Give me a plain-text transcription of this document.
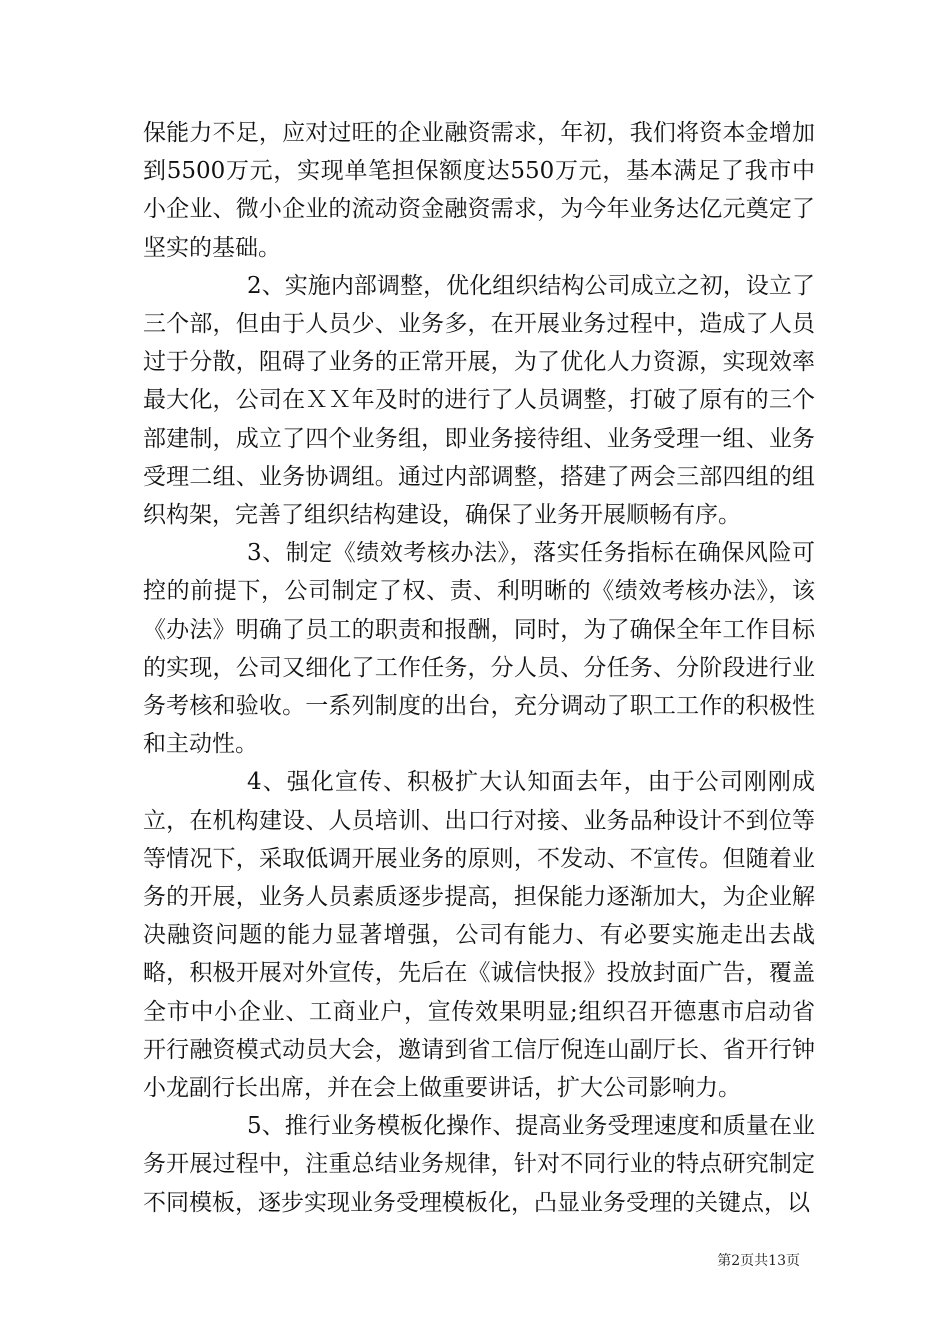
保能力不足，应对过旺的企业融资需求，年初，我们将资本金增加到5500万元，实现单笔担保额度达550万元，基本满足了我市中小企业、微小企业的流动资金融资需求，为今年业务达亿元奠定了坚实的基础。

2、实施内部调整，优化组织结构公司成立之初，设立了三个部，但由于人员少、业务多，在开展业务过程中，造成了人员过于分散，阻碍了业务的正常开展，为了优化人力资源，实现效率最大化，公司在ＸＸ年及时的进行了人员调整，打破了原有的三个部建制，成立了四个业务组，即业务接待组、业务受理一组、业务受理二组、业务协调组。通过内部调整，搭建了两会三部四组的组织构架，完善了组织结构建设，确保了业务开展顺畅有序。

3、制定《绩效考核办法》，落实任务指标在确保风险可控的前提下，公司制定了权、责、利明晰的《绩效考核办法》，该《办法》明确了员工的职责和报酬，同时，为了确保全年工作目标的实现，公司又细化了工作任务，分人员、分任务、分阶段进行业务考核和验收。一系列制度的出台，充分调动了职工工作的积极性和主动性。

4、强化宣传、积极扩大认知面去年，由于公司刚刚成立，在机构建设、人员培训、出口行对接、业务品种设计不到位等等情况下，采取低调开展业务的原则，不发动、不宣传。但随着业务的开展，业务人员素质逐步提高，担保能力逐渐加大，为企业解决融资问题的能力显著增强，公司有能力、有必要实施走出去战略，积极开展对外宣传，先后在《诚信快报》投放封面广告，覆盖全市中小企业、工商业户，宣传效果明显;组织召开德惠市启动省开行融资模式动员大会，邀请到省工信厅倪连山副厅长、省开行钟小龙副行长出席，并在会上做重要讲话，扩大公司影响力。

5、推行业务模板化操作、提高业务受理速度和质量在业务开展过程中，注重总结业务规律，针对不同行业的特点研究制定不同模板，逐步实现业务受理模板化，凸显业务受理的关键点，以

第2页共13页
